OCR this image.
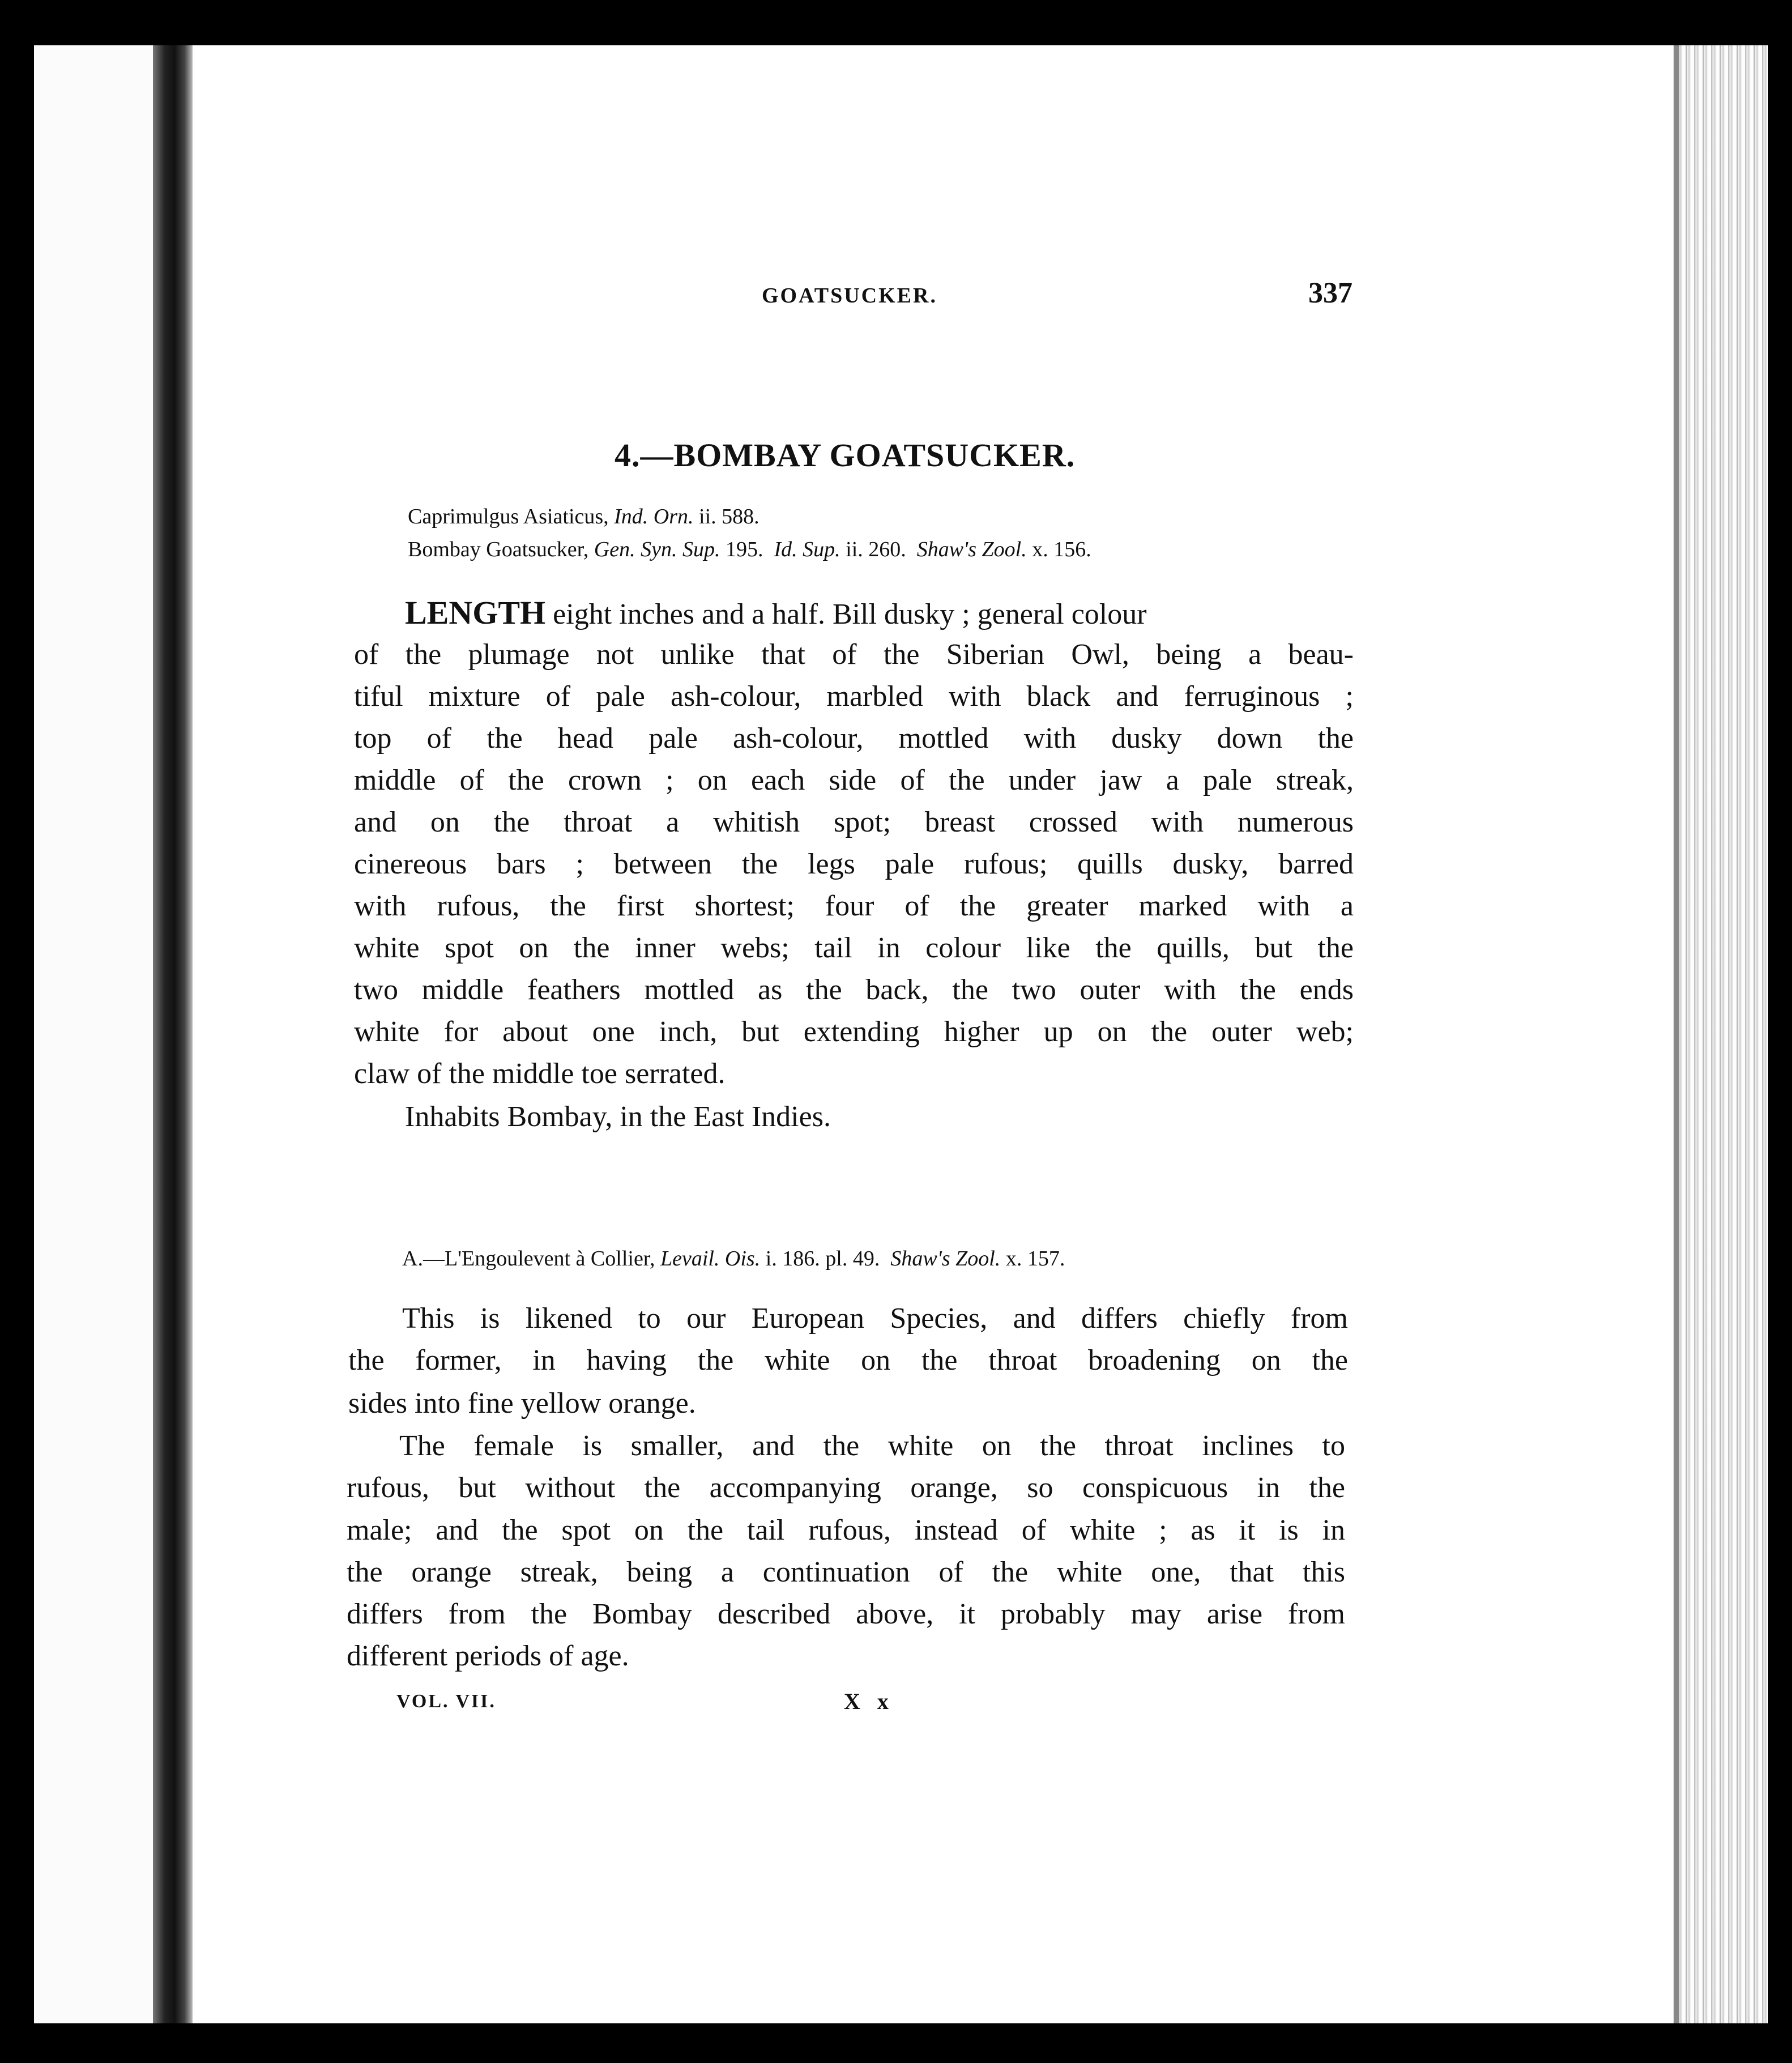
GOATSUCKER.	337
4.—BOMBAY GOATSUCKER.
Caprimulgus Asiaticus, Ind. Orn. ii. 588.
Bombay Goatsucker, Gen. Syn. Sup. 195. Id. Sup. ii. 260. Shaw's Zool. x. 156.
LENGTH eight inches and a half. Bill dusky ; general colour
of the plumage not unlike that of the Siberian Owl, being a beau-
tiful mixture of pale ash-colour, marbled with black and ferruginous ;
top of the head pale ash-colour, mottled with dusky down the
middle of the crown ; on each side of the under jaw a pale streak,
and on the throat a whitish spot; breast crossed with numerous
cinereous bars ; between the legs pale rufous; quills dusky, barred
with rufous, the first shortest; four of the greater marked with a
white spot on the inner webs; tail in colour like the quills, but the
two middle feathers mottled as the back, the two outer with the ends
white for about one inch, but extending higher up on the outer web;
claw of the middle toe serrated.
Inhabits Bombay, in the East Indies.
A.—L'Engoulevent à Collier, Levail. Ois. i. 186. pl. 49. Shaw's Zool. x. 157.
This is likened to our European Species, and differs chiefly from
the former, in having the white on the throat broadening on the
sides into fine yellow orange.
The female is smaller, and the white on the throat inclines to
rufous, but without the accompanying orange, so conspicuous in the
male; and the spot on the tail rufous, instead of white ; as it is in
the orange streak, being a continuation of the white one, that this
differs from the Bombay described above, it probably may arise from
different periods of age.
VOL. VII.	X x
